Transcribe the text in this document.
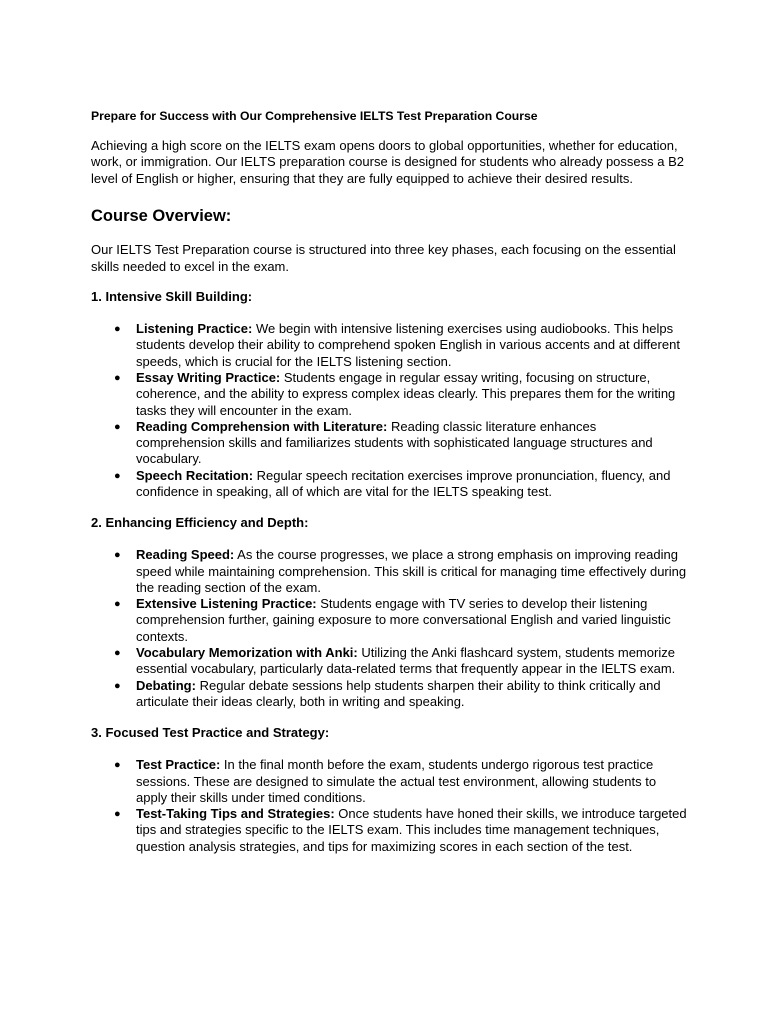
Prepare for Success with Our Comprehensive IELTS Test Preparation Course

Achieving a high score on the IELTS exam opens doors to global opportunities, whether for education, work, or immigration. Our IELTS preparation course is designed for students who already possess a B2 level of English or higher, ensuring that they are fully equipped to achieve their desired results.

Course Overview:

Our IELTS Test Preparation course is structured into three key phases, each focusing on the essential skills needed to excel in the exam.

1. Intensive Skill Building:

● Listening Practice: We begin with intensive listening exercises using audiobooks. This helps students develop their ability to comprehend spoken English in various accents and at different speeds, which is crucial for the IELTS listening section.
● Essay Writing Practice: Students engage in regular essay writing, focusing on structure, coherence, and the ability to express complex ideas clearly. This prepares them for the writing tasks they will encounter in the exam.
● Reading Comprehension with Literature: Reading classic literature enhances comprehension skills and familiarizes students with sophisticated language structures and vocabulary.
● Speech Recitation: Regular speech recitation exercises improve pronunciation, fluency, and confidence in speaking, all of which are vital for the IELTS speaking test.

2. Enhancing Efficiency and Depth:

● Reading Speed: As the course progresses, we place a strong emphasis on improving reading speed while maintaining comprehension. This skill is critical for managing time effectively during the reading section of the exam.
● Extensive Listening Practice: Students engage with TV series to develop their listening comprehension further, gaining exposure to more conversational English and varied linguistic contexts.
● Vocabulary Memorization with Anki: Utilizing the Anki flashcard system, students memorize essential vocabulary, particularly data-related terms that frequently appear in the IELTS exam.
● Debating: Regular debate sessions help students sharpen their ability to think critically and articulate their ideas clearly, both in writing and speaking.

3. Focused Test Practice and Strategy:

● Test Practice: In the final month before the exam, students undergo rigorous test practice sessions. These are designed to simulate the actual test environment, allowing students to apply their skills under timed conditions.
● Test-Taking Tips and Strategies: Once students have honed their skills, we introduce targeted tips and strategies specific to the IELTS exam. This includes time management techniques, question analysis strategies, and tips for maximizing scores in each section of the test.
